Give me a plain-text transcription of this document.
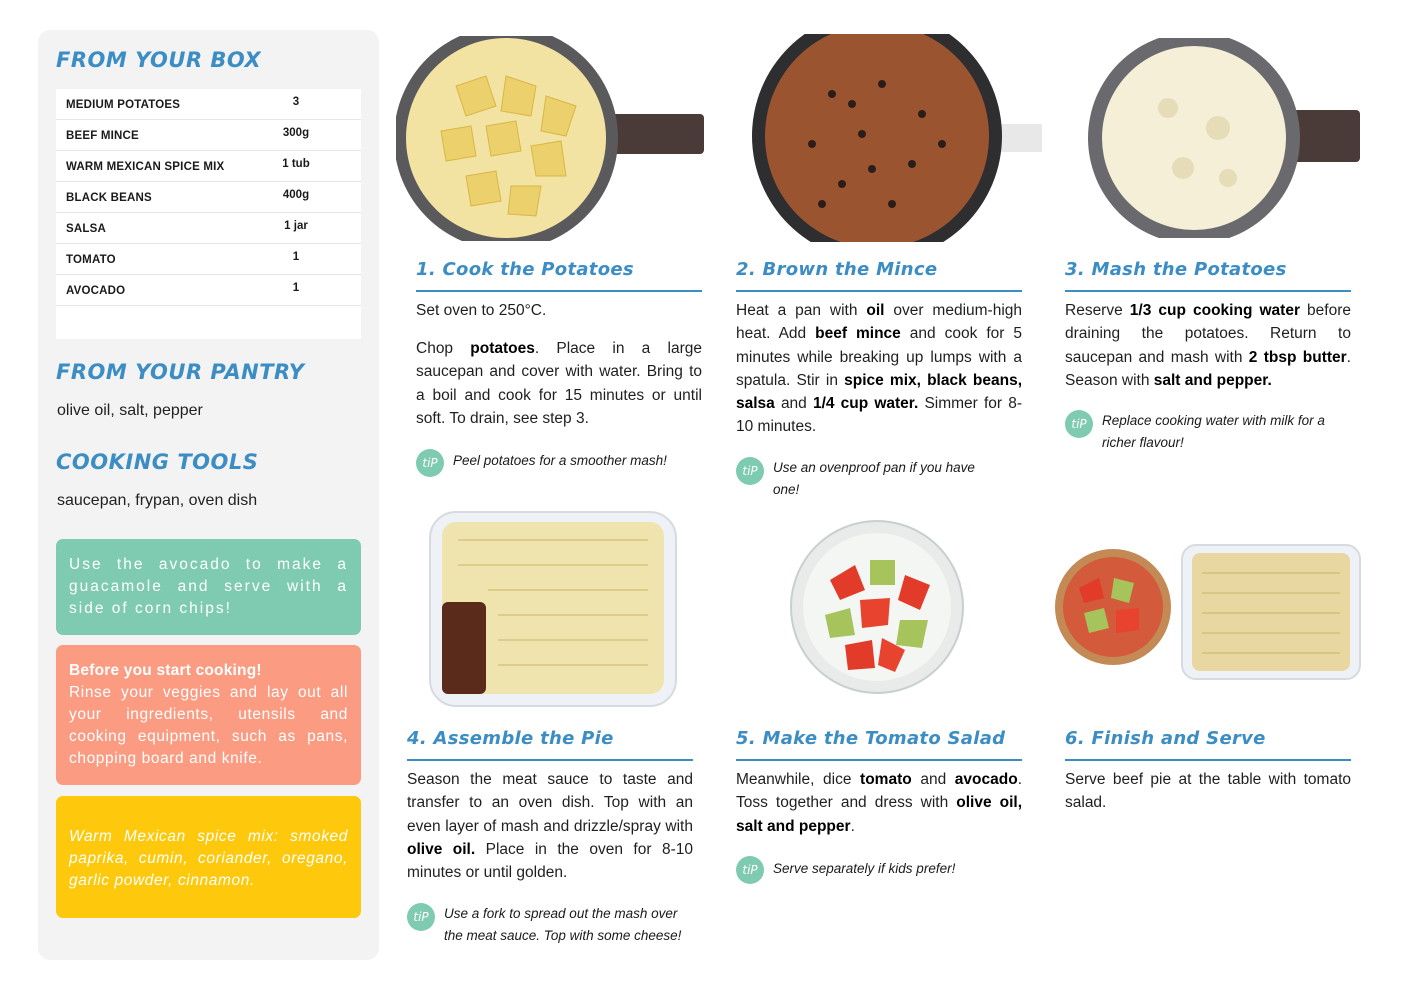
FROM YOUR BOX
MEDIUM POTATOES	3
BEEF MINCE	300g
WARM MEXICAN SPICE MIX	1 tub
BLACK BEANS	400g
SALSA	1 jar
TOMATO	1
AVOCADO	1
FROM YOUR PANTRY
olive oil, salt, pepper
COOKING TOOLS
saucepan, frypan, oven dish
Use the avocado to make a guacamole and serve with a side of corn chips!
Before you start cooking!
Rinse your veggies and lay out all your ingredients, utensils and cooking equipment, such as pans, chopping board and knife.
Warm Mexican spice mix: smoked paprika, cumin, coriander, oregano, garlic powder, cinnamon.
1. Cook the Potatoes
Set oven to 250°C.
Chop potatoes. Place in a large saucepan and cover with water. Bring to a boil and cook for 15 minutes or until soft. To drain, see step 3.
tiP	Peel potatoes for a smoother mash!
2. Brown the Mince
Heat a pan with oil over medium-high heat. Add beef mince and cook for 5 minutes while breaking up lumps with a spatula. Stir in spice mix, black beans, salsa and 1/4 cup water. Simmer for 8-10 minutes.
tiP	Use an ovenproof pan if you have one!
3. Mash the Potatoes
Reserve 1/3 cup cooking water before draining the potatoes. Return to saucepan and mash with 2 tbsp butter. Season with salt and pepper.
tiP	Replace cooking water with milk for a richer flavour!
4. Assemble the Pie
Season the meat sauce to taste and transfer to an oven dish. Top with an even layer of mash and drizzle/spray with olive oil. Place in the oven for 8-10 minutes or until golden.
tiP	Use a fork to spread out the mash over the meat sauce. Top with some cheese!
5. Make the Tomato Salad
Meanwhile, dice tomato and avocado. Toss together and dress with olive oil, salt and pepper.
tiP	Serve separately if kids prefer!
6. Finish and Serve
Serve beef pie at the table with tomato salad.
